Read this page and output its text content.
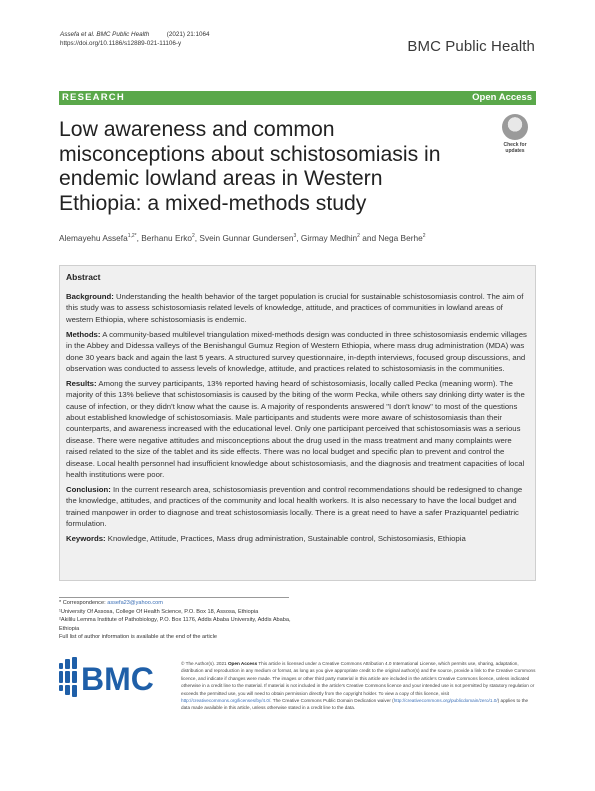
Assefa et al. BMC Public Health	(2021) 21:1064
https://doi.org/10.1186/s12889-021-11106-y	BMC Public Health
RESEARCH	Open Access
Low awareness and common misconceptions about schistosomiasis in endemic lowland areas in Western Ethiopia: a mixed-methods study
Check for
updates
Alemayehu Assefa$^{1,2*}$, Berhanu Erko$^2$, Svein Gunnar Gundersen$^3$, Girmay Medhin$^2$ and Nega Berhe$^2$
Abstract

Background: Understanding the health behavior of the target population is crucial for sustainable schistosomiasis control. The aim of this study was to assess schistosomiasis related levels of knowledge, attitude, and practices of communities in lowland areas of western Ethiopia, where schistosomiasis is endemic.

Methods: A community-based multilevel triangulation mixed-methods design was conducted in three schistosomiasis endemic villages in the Abbey and Didessa valleys of the Benishangul Gumuz Region of Western Ethiopia, where mass drug administration (MDA) was done 30 years back and again the last 5 years. A structured survey questionnaire, in-depth interviews, focused group discussions, and observation was conducted to assess levels of knowledge, attitude, and practices related to schistosomiasis in the communities.

Results: Among the survey participants, 13% reported having heard of schistosomiasis, locally called Pecka (meaning worm). The majority of this 13% believe that schistosomiasis is caused by the biting of the worm Pecka, while others say drinking dirty water is the cause of infection, or they didn't know what the cause is. A majority of respondents answered "I don't know" to most of the questions about established knowledge of schistosomiasis. Male participants and students were more aware of schistosomiasis than their counterparts, and awareness increased with the educational level. Only one participant perceived that schistosomiasis was a serious disease. There were negative attitudes and misconceptions about the drug used in the mass treatment and many complaints were raised related to the size of the tablet and its side effects. There was no local budget and specific plan to prevent and control the disease. Local health personnel had insufficient knowledge about schistosomiasis, and the diagnosis and treatment capacities of local health institutions were poor.

Conclusion: In the current research area, schistosomiasis prevention and control recommendations should be redesigned to change the knowledge, attitudes, and practices of the community and local health workers. It is also necessary to have the local budget and trained manpower in order to diagnose and treat schistosomiasis locally. There is a great need to have a safer Praziquantel pediatric formulation.

Keywords: Knowledge, Attitude, Practices, Mass drug administration, Sustainable control, Schistosomiasis, Ethiopia

* Correspondence: assefa23@yahoo.com
¹University Of Assosa, College Of Health Science, P.O. Box 18, Assosa, Ethiopia
²Akililu Lemma Institute of Pathobiology, P.O. Box 1176, Addis Ababa University, Addis Ababa, Ethiopia
Full list of author information is available at the end of the article
BMC	© The Author(s). 2021 Open Access This article is licensed under a Creative Commons Attribution 4.0 International License, which permits use, sharing, adaptation, distribution and reproduction in any medium or format, as long as you give appropriate credit to the original author(s) and the source, provide a link to the Creative Commons licence, and indicate if changes were made. The images or other third party material in this article are included in the article's Creative Commons licence, unless indicated otherwise in a credit line to the material. If material is not included in the article's Creative Commons licence and your intended use is not permitted by statutory regulation or exceeds the permitted use, you will need to obtain permission directly from the copyright holder. To view a copy of this licence, visit http://creativecommons.org/licenses/by/4.0/. The Creative Commons Public Domain Dedication waiver (http://creativecommons.org/publicdomain/zero/1.0/) applies to the data made available in this article, unless otherwise stated in a credit line to the data.
